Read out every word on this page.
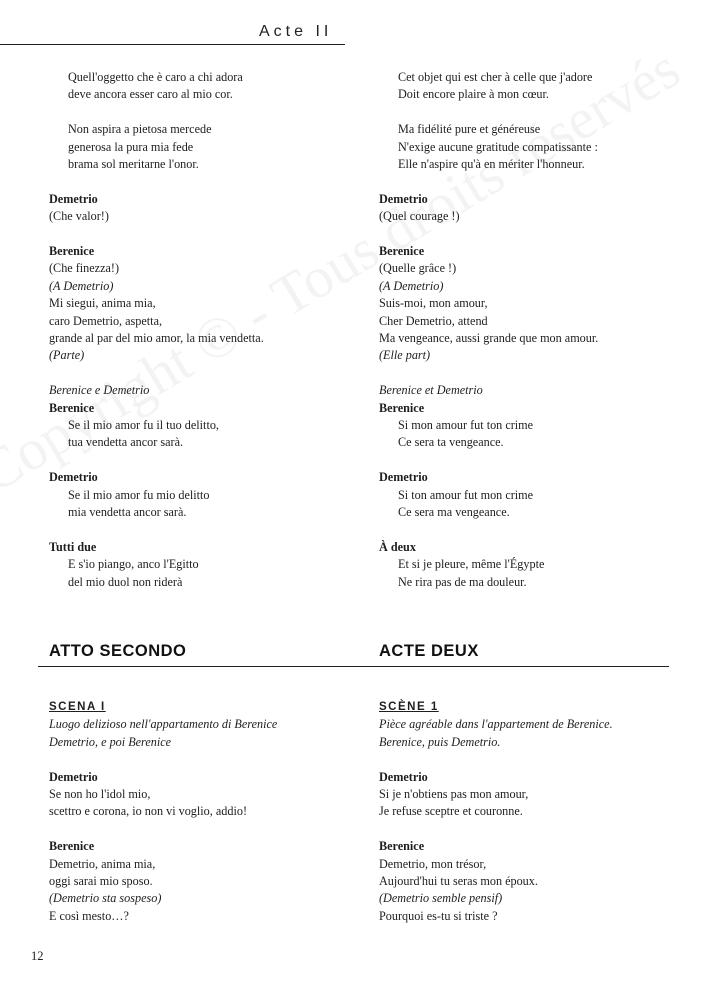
Acte II
Quell'oggetto che è caro a chi adora
deve ancora esser caro al mio cor.
Non aspira a pietosa mercede
generosa la pura mia fede
brama sol meritarne l'onor.
Demetrio
(Che valor!)
Berenice
(Che finezza!)
(A Demetrio)
Mi siegui, anima mia,
caro Demetrio, aspetta,
grande al par del mio amor, la mia vendetta.
(Parte)
Berenice e Demetrio
Berenice
Se il mio amor fu il tuo delitto,
tua vendetta ancor sarà.
Demetrio
Se il mio amor fu mio delitto
mia vendetta ancor sarà.
Tutti due
E s'io piango, anco l'Egitto
del mio duol non riderà
Cet objet qui est cher à celle que j'adore
Doit encore plaire à mon cœur.
Ma fidélité pure et généreuse
N'exige aucune gratitude compatissante :
Elle n'aspire qu'à en mériter l'honneur.
Demetrio
(Quel courage !)
Berenice
(Quelle grâce !)
(A Demetrio)
Suis-moi, mon amour,
Cher Demetrio, attend
Ma vengeance, aussi grande que mon amour.
(Elle part)
Berenice et Demetrio
Berenice
Si mon amour fut ton crime
Ce sera ta vengeance.
Demetrio
Si ton amour fut mon crime
Ce sera ma vengeance.
À deux
Et si je pleure, même l'Égypte
Ne rira pas de ma douleur.
ATTO SECONDO	ACTE DEUX
SCENA I
Luogo delizioso nell'appartamento di Berenice
Demetrio, e poi Berenice
Demetrio
Se non ho l'idol mio,
scettro e corona, io non vi voglio, addio!
Berenice
Demetrio, anima mia,
oggi sarai mio sposo.
(Demetrio sta sospeso)
E così mesto…?
SCÈNE 1
Pièce agréable dans l'appartement de Berenice.
Berenice, puis Demetrio.
Demetrio
Si je n'obtiens pas mon amour,
Je refuse sceptre et couronne.
Berenice
Demetrio, mon trésor,
Aujourd'hui tu seras mon époux.
(Demetrio semble pensif)
Pourquoi es-tu si triste ?
12
